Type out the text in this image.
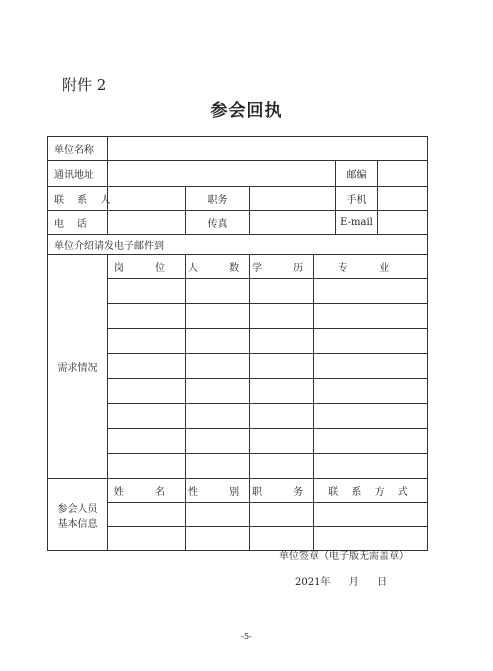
附件 2
参会回执
单位名称						
通讯地址					邮编	
联 系 人		职务			手机	
电    话		传真			E-mail	
单位介绍请发电子邮件到						
需求情况	岗 位	人 数	学 历	专 业		

参会人员
基本信息	姓 名	性 别	职 务	联 系 方 式		

单位签章（电子版无需盖章）
2021年  月  日
-5-
